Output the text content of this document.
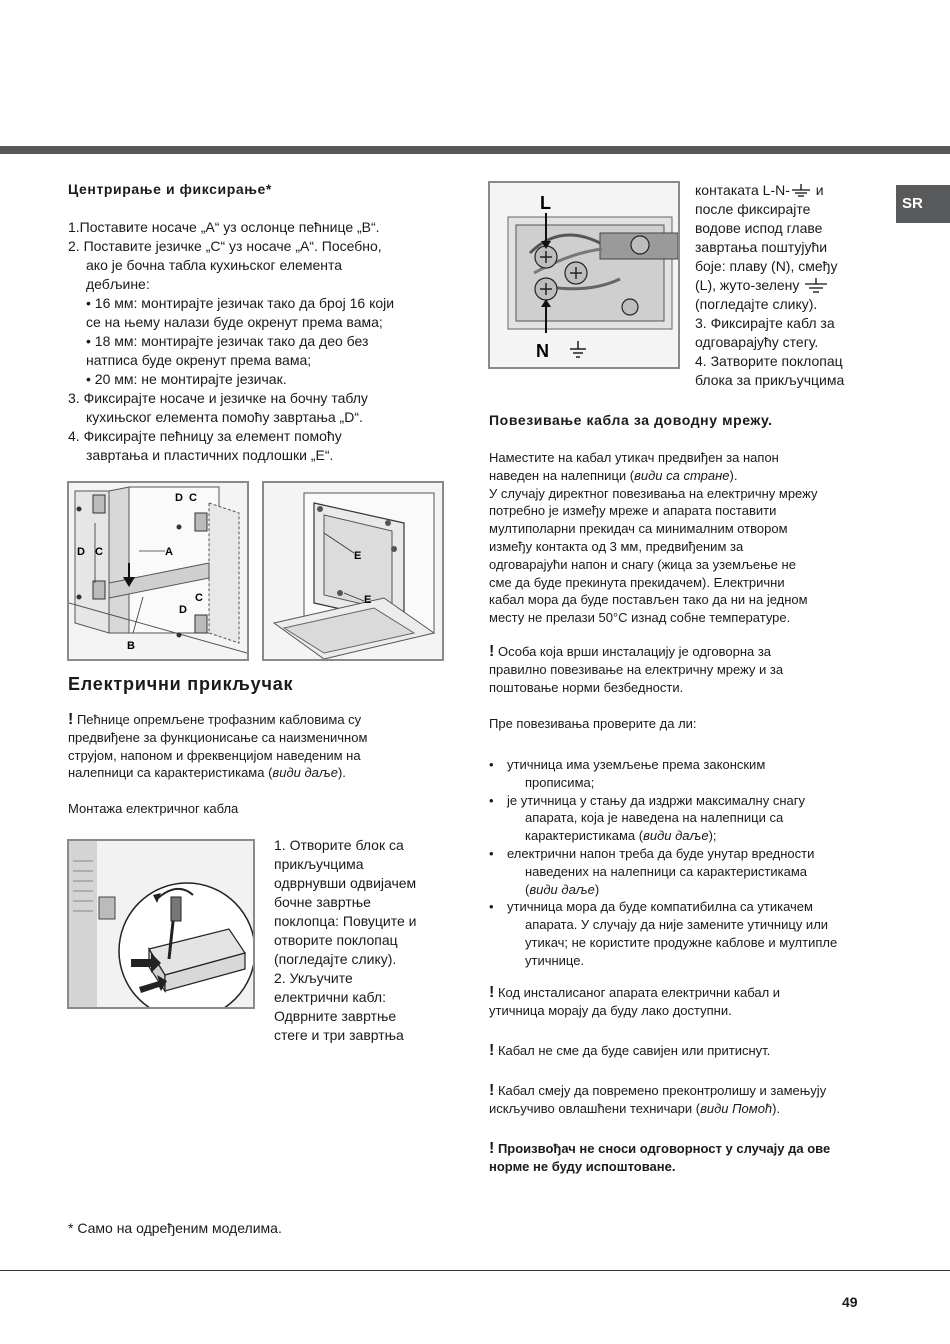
SR
Центрирање и фиксирање*

1.Поставите носаче „A“ уз ослонце пећнице „B“.

2. Поставите језичке „C“ уз носаче „A“. Посебно,

ако је бочна табла кухињског елемента

дебљине:

• 16 мм: монтирајте језичак тако да број 16 који

се на њему налази буде окренут према вама;

• 18 мм: монтирајте језичак тако да део без

натписа буде окренут према вама;

• 20 мм: не монтирајте језичак.

3. Фиксирајте носаче и језичке на бочну таблу

кухињског елемента помоћу завртања „D“.

4. Фиксирајте пећницу за елемент помоћу

завртања и пластичних подлошки „E“.

D C
D C	A
D
C
B
E
E
Електрични прикључак

! Пећнице опремљене трофазним кабловима су

предвиђене за функционисање са наизменичном

струјом, напоном и фреквенцијом наведеним на

налепници са карактеристикама (види даље).

Монтажа електричног кабла

1. Отворите блок са

прикључцима

одврнувши одвијачем

бочне завртње

поклопца: Повуците и

отворите поклопац

(погледајте слику).

2. Укључите

електрични кабл:

Одврните завртње

стеге и три завртња

* Само на одређеним моделима.
L
N

контаката L-N- и

после фиксирајте

водове испод главе

завртања поштујући

боје: плаву (N), смеђу

(L), жуто-зелену

(погледајте слику).

3. Фиксирајте кабл за

одговарајућу стегу.

4. Затворите поклопац

блока за прикључцима

Повезивање кабла за доводну мрежу.

Наместите на кабал утикач предвиђен за напон

наведен на налепници (види са стране).

У случају директног повезивања на електричну мрежу

потребно је између мреже и апарата поставити

мултиполарни прекидач са минималним отвором

између контакта од 3 мм, предвиђеним за

одговарајући напон и снагу (жица за уземљење не

сме да буде прекинута прекидачем). Електрични

кабал мора да буде постављен тако да ни на једном

месту не прелази 50°C изнад собне температуре.

! Особа која врши инсталацију је одговорна за

правилно повезивање на електричну мрежу и за

поштовање норми безбедности.

Пре повезивања проверите да ли:
•	утичница има уземљење према законским

прописима;

•	је утичница у стању да издржи максималну снагу

апарата, која је наведена на налепници са

карактеристикама (види даље);

•	електрични напон треба да буде унутар вредности

наведених на налепници са карактеристикама

(види даље)

•	утичница мора да буде компатибилна са утикачем

апарата. У случају да није замените утичницу или

утикач; не користите продужне каблове и мултипле

утичнице.

! Код инсталисаног апарата електрични кабал и

утичница морају да буду лако доступни.

! Кабал не сме да буде савијен или притиснут.

! Кабал смеју да повремено преконтролишу и замењују

искључиво овлашћени техничари (види Помоћ).

! Произвођач не сноси одговорност у случају да ове

норме не буду испоштоване.

49
